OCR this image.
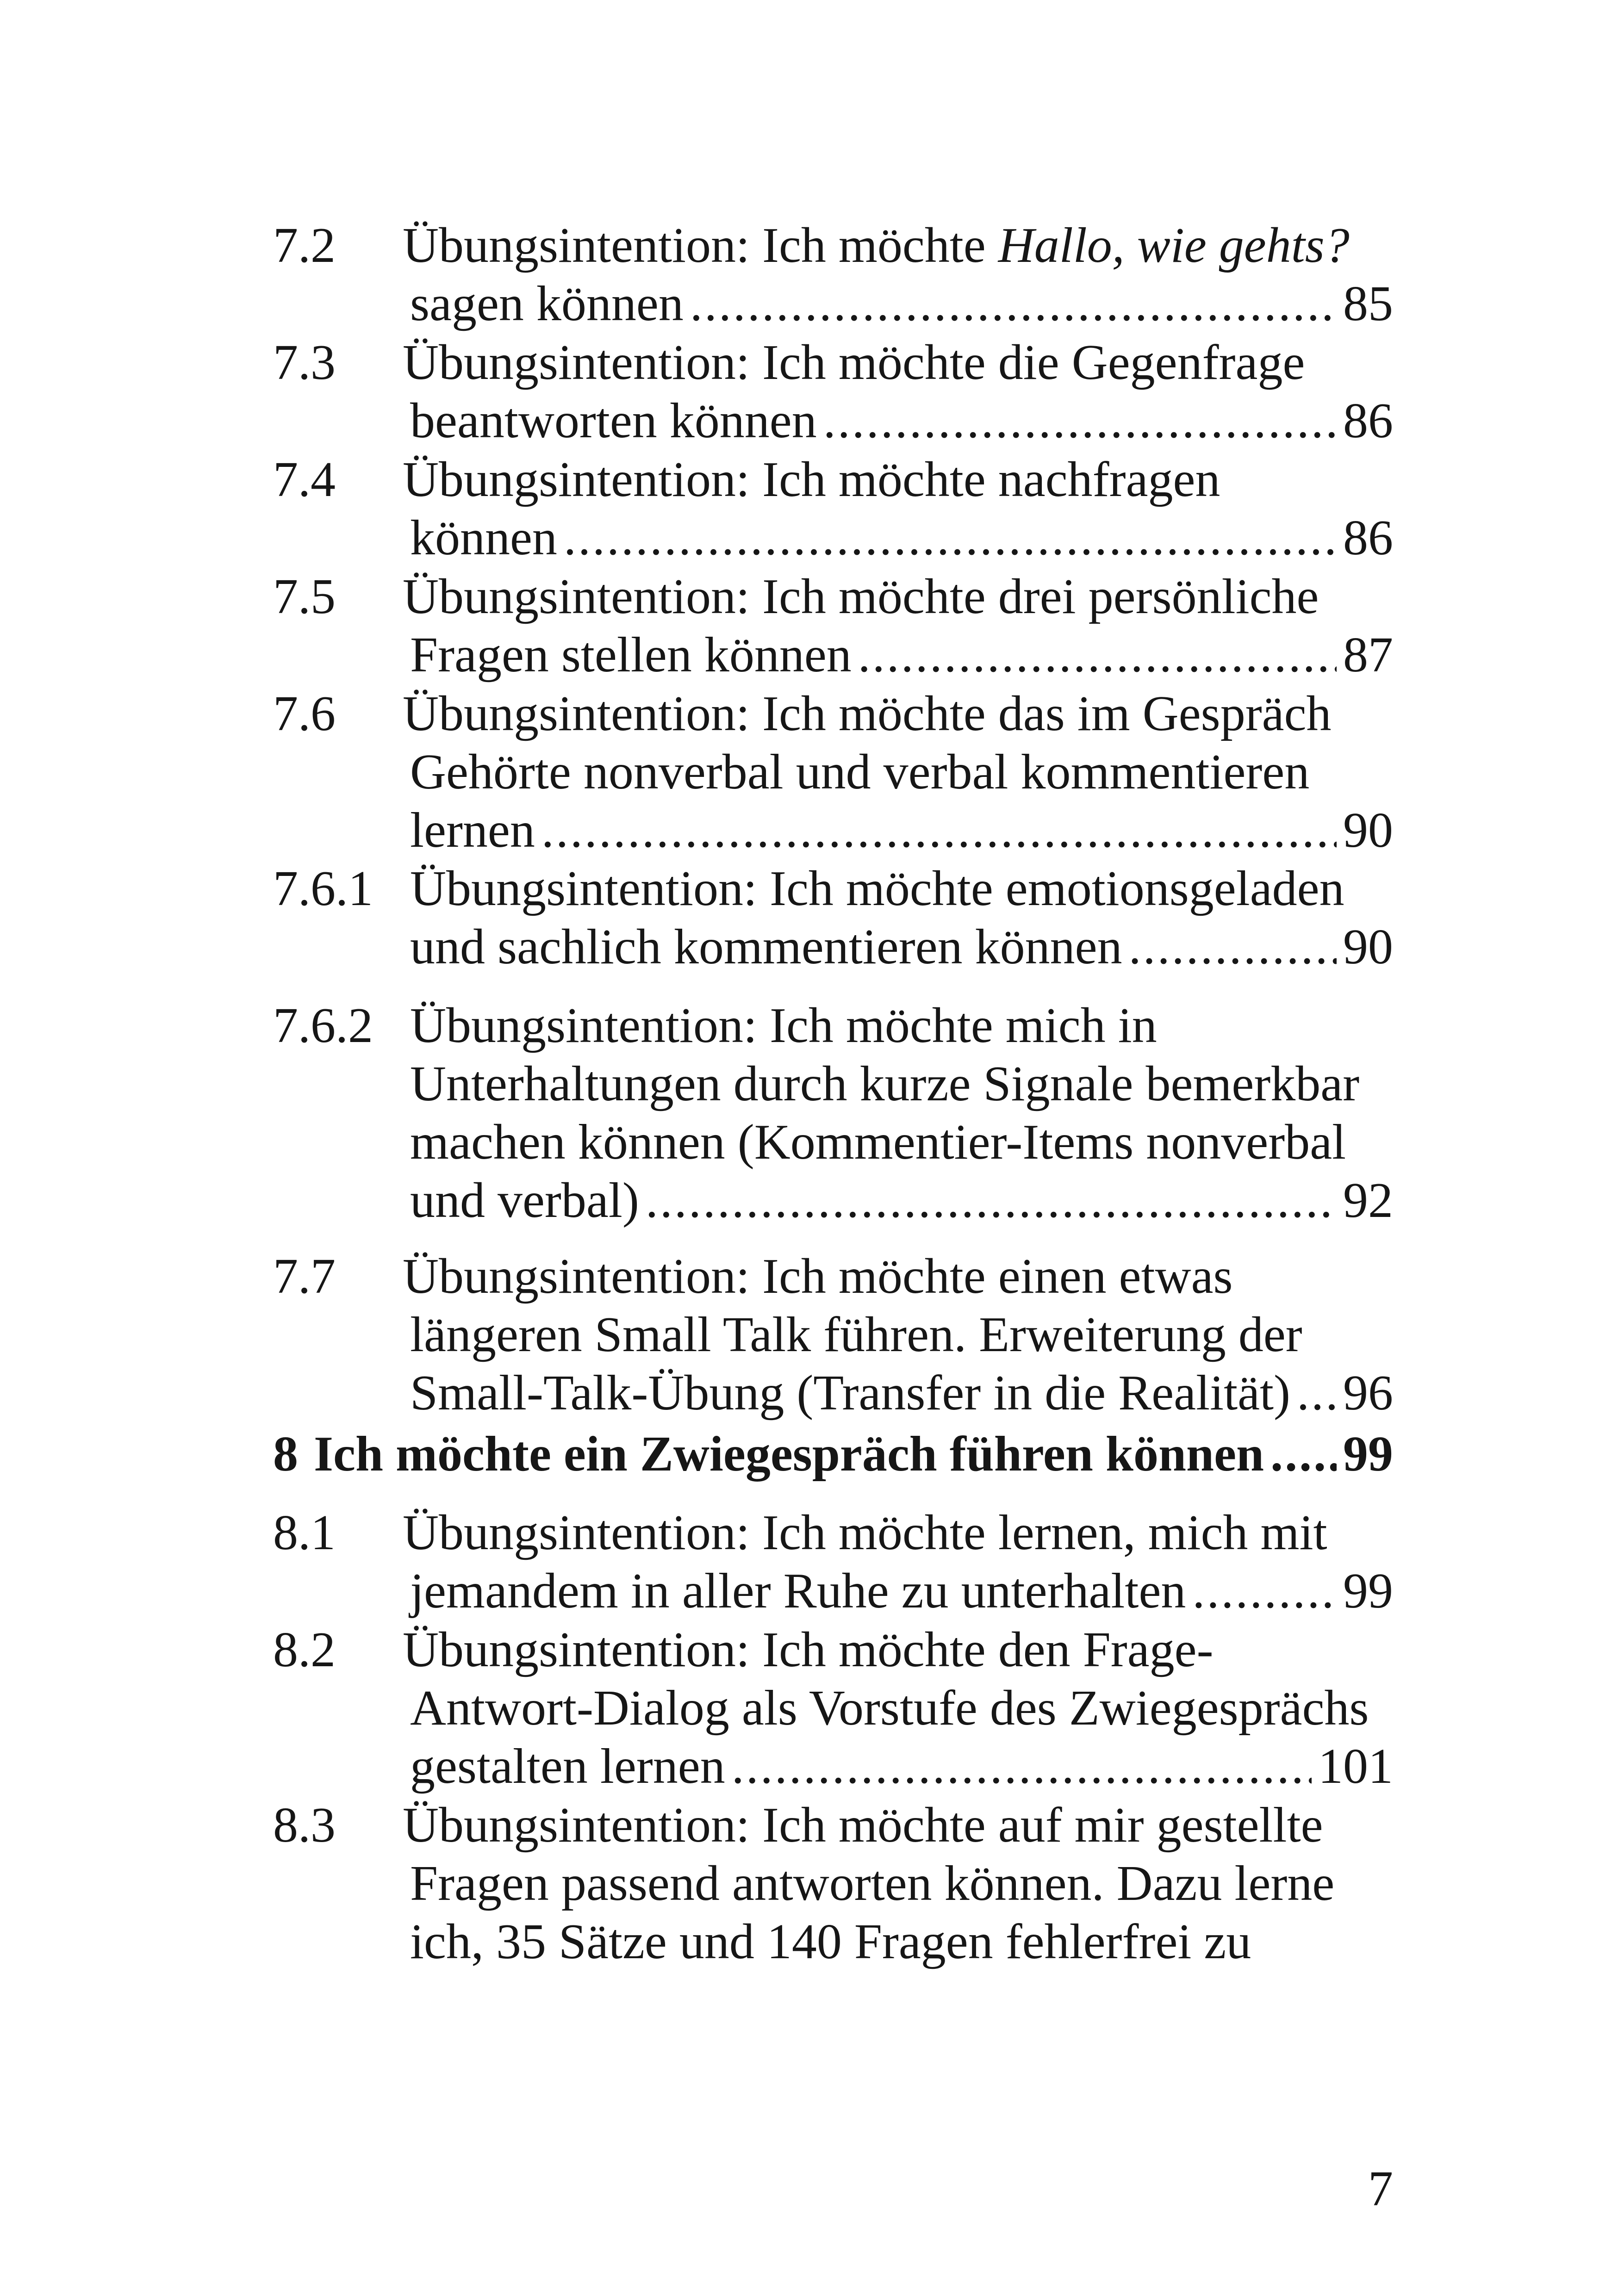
7.2 Übungsintention: Ich möchte Hallo, wie gehts?
sagen können .....	85
7.3 Übungsintention: Ich möchte die Gegenfrage
beantworten können .....	86
7.4 Übungsintention: Ich möchte nachfragen
können .....	86
7.5 Übungsintention: Ich möchte drei persönliche
Fragen stellen können .....	87
7.6 Übungsintention: Ich möchte das im Gespräch
Gehörte nonverbal und verbal kommentieren
lernen .....	90
7.6.1 Übungsintention: Ich möchte emotionsgeladen
und sachlich kommentieren können .....	90
7.6.2 Übungsintention: Ich möchte mich in
Unterhaltungen durch kurze Signale bemerkbar
machen können (Kommentier-Items nonverbal
und verbal) .....	92
7.7 Übungsintention: Ich möchte einen etwas
längeren Small Talk führen. Erweiterung der
Small-Talk-Übung (Transfer in die Realität) ..... 96
8 Ich möchte ein Zwiegespräch führen können ..... 99
8.1 Übungsintention: Ich möchte lernen, mich mit
jemandem in aller Ruhe zu unterhalten .....	99
8.2 Übungsintention: Ich möchte den Frage-
Antwort-Dialog als Vorstufe des Zwiegesprächs
gestalten lernen .....	101
8.3 Übungsintention: Ich möchte auf mir gestellte
Fragen passend antworten können. Dazu lerne
ich, 35 Sätze und 140 Fragen fehlerfrei zu
7
